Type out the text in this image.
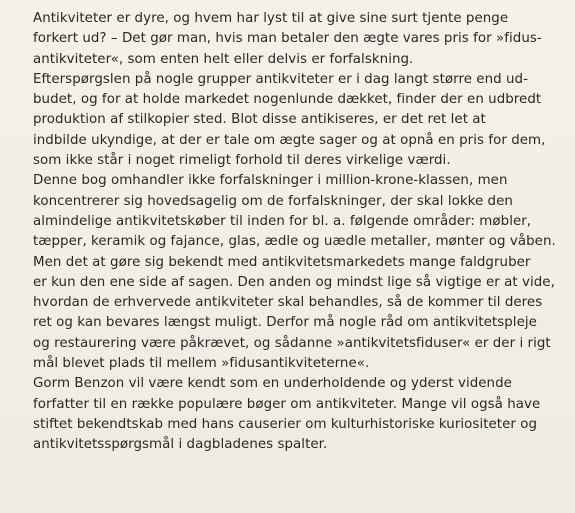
Antikviteter er dyre, og hvem har lyst til at give sine surt tjente penge
forkert ud? – Det gør man, hvis man betaler den ægte vares pris for »fidus-
antikviteter«, som enten helt eller delvis er forfalskning.
Efterspørgslen på nogle grupper antikviteter er i dag langt større end ud-
budet, og for at holde markedet nogenlunde dækket, finder der en udbredt
produktion af stilkopier sted. Blot disse antikiseres, er det ret let at
indbilde ukyndige, at der er tale om ægte sager og at opnå en pris for dem,
som ikke står i noget rimeligt forhold til deres virkelige værdi.
Denne bog omhandler ikke forfalskninger i million-krone-klassen, men
koncentrerer sig hovedsagelig om de forfalskninger, der skal lokke den
almindelige antikvitetskøber til inden for bl. a. følgende områder: møbler,
tæpper, keramik og fajance, glas, ædle og uædle metaller, mønter og våben.
Men det at gøre sig bekendt med antikvitetsmarkedets mange faldgruber
er kun den ene side af sagen. Den anden og mindst lige så vigtige er at vide,
hvordan de erhvervede antikviteter skal behandles, så de kommer til deres
ret og kan bevares længst muligt. Derfor må nogle råd om antikvitetspleje
og restaurering være påkrævet, og sådanne »antikvitetsfiduser« er der i rigt
mål blevet plads til mellem »fidusantikviteterne«.
Gorm Benzon vil være kendt som en underholdende og yderst vidende
forfatter til en række populære bøger om antikviteter. Mange vil også have
stiftet bekendtskab med hans causerier om kulturhistoriske kuriositeter og
antikvitetsspørgsmål i dagbladenes spalter.
